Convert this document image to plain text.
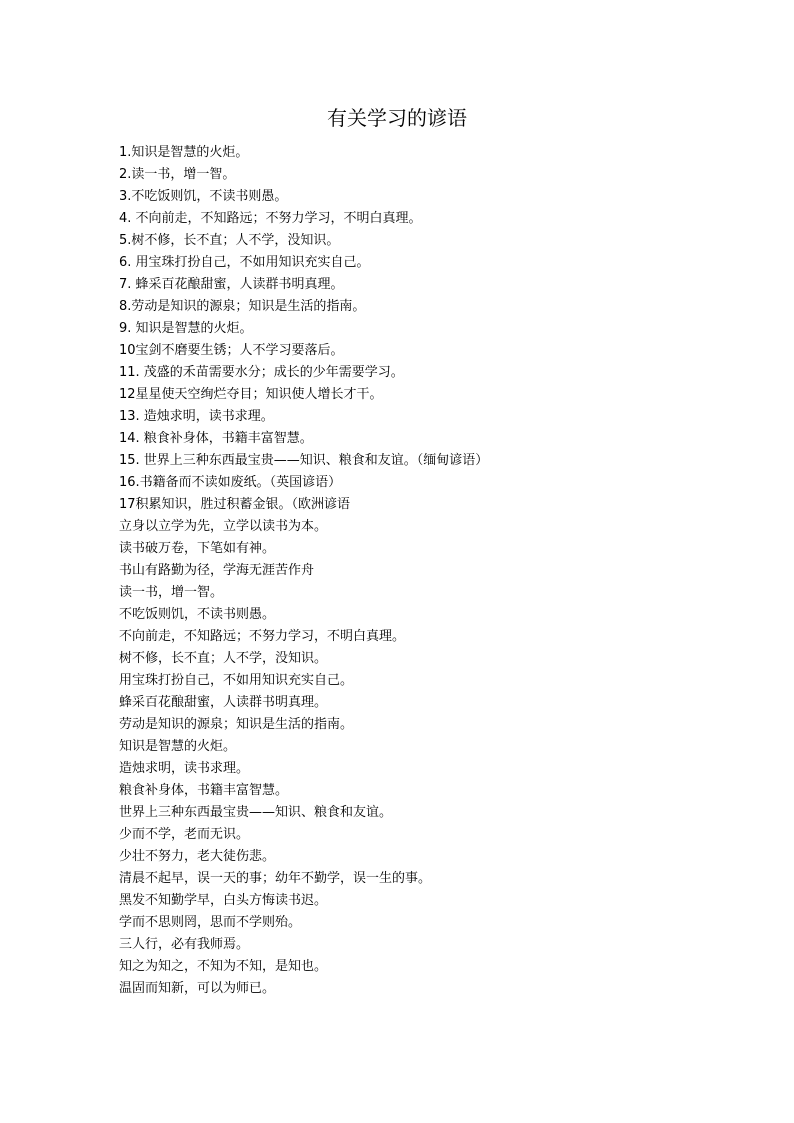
有关学习的谚语
1.知识是智慧的火炬。
2.读一书，增一智。
3.不吃饭则饥，不读书则愚。
4. 不向前走，不知路远；不努力学习，不明白真理。
5.树不修，长不直；人不学，没知识。
6. 用宝珠打扮自己，不如用知识充实自己。
7. 蜂采百花酿甜蜜，人读群书明真理。
8.劳动是知识的源泉；知识是生活的指南。
9. 知识是智慧的火炬。
10宝剑不磨要生锈；人不学习要落后。
11. 茂盛的禾苗需要水分；成长的少年需要学习。
12星星使天空绚烂夺目；知识使人增长才干。
13. 造烛求明，读书求理。
14. 粮食补身体，书籍丰富智慧。
15. 世界上三种东西最宝贵——知识、粮食和友谊。（缅甸谚语）
16.书籍备而不读如废纸。（英国谚语）
17积累知识，胜过积蓄金银。（欧洲谚语
立身以立学为先，立学以读书为本。
读书破万卷，下笔如有神。
书山有路勤为径，学海无涯苦作舟
读一书，增一智。
不吃饭则饥，不读书则愚。
不向前走，不知路远；不努力学习，不明白真理。
树不修，长不直；人不学，没知识。
用宝珠打扮自己，不如用知识充实自己。
蜂采百花酿甜蜜，人读群书明真理。
劳动是知识的源泉；知识是生活的指南。
知识是智慧的火炬。
造烛求明，读书求理。
粮食补身体，书籍丰富智慧。
世界上三种东西最宝贵——知识、粮食和友谊。
少而不学，老而无识。
少壮不努力，老大徒伤悲。
清晨不起早，误一天的事；幼年不勤学，误一生的事。
黑发不知勤学早，白头方悔读书迟。
学而不思则罔，思而不学则殆。
三人行，必有我师焉。
知之为知之，不知为不知，是知也。
温固而知新，可以为师已。
